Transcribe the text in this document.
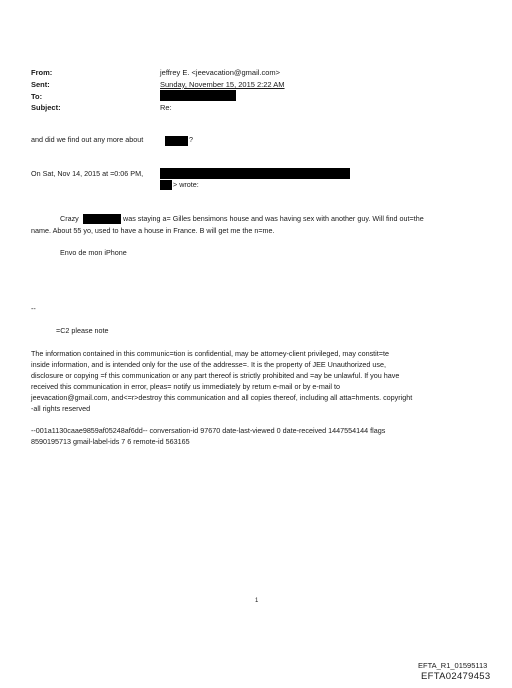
From:
Sent:
To:
Subject:
jeffrey E. <jeevacation@gmail.com>
Sunday, November 15, 2015 2:22 AM
Re:
and did we find out any more about	?
On Sat, Nov 14, 2015 at =0:06 PM,
> wrote:
Crazy	was staying a= Gilles bensimons house and was having sex with another guy. Will find out=the
name. About 55 yo, used to have a house in France. B will get me the n=me.
Envo de mon iPhone
--
=C2 please note
The information contained in this communic=tion is confidential, may be attorney-client privileged, may constit=te
inside information, and is intended only for the use of the addresse=. It is the property of JEE Unauthorized use,
disclosure or copying =f this communication or any part thereof is strictly prohibited and =ay be unlawful. If you have
received this communication in error, pleas= notify us immediately by return e-mail or by e-mail to
jeevacation@gmail.com, and<=r>destroy this communication and all copies thereof, including all atta=hments. copyright
-all rights reserved
--001a1130caae9859af05248af6dd-- conversation-id 97670 date-last-viewed 0 date-received 1447554144 flags
8590195713 gmail-label-ids 7 6 remote-id 563165
1
EFTA_R1_01595113
EFTA02479453
